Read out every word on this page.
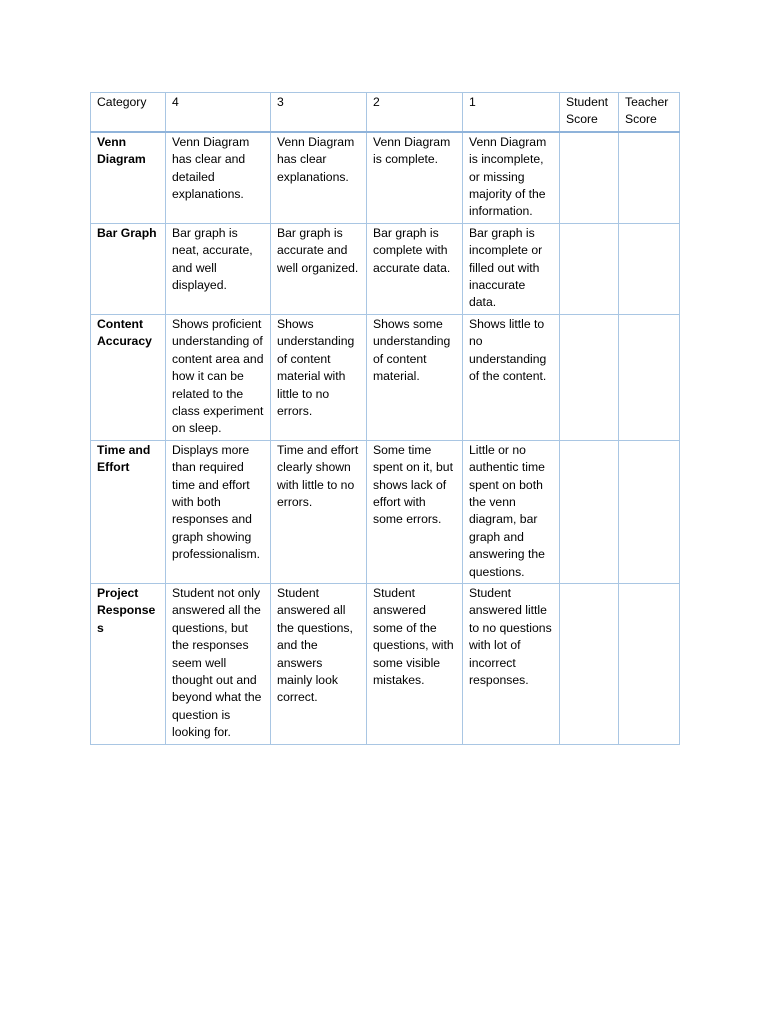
Category	4	3	2	1	Student Score	Teacher Score
Venn Diagram	Venn Diagram has clear and detailed explanations.	Venn Diagram has clear explanations.	Venn Diagram is complete.	Venn Diagram is incomplete, or missing majority of the information.		
Bar Graph	Bar graph is neat, accurate, and well displayed.	Bar graph is accurate and well organized.	Bar graph is complete with accurate data.	Bar graph is incomplete or filled out with inaccurate data.		
Content Accuracy	Shows proficient understanding of content area and how it can be related to the class experiment on sleep.	Shows understanding of content material with little to no errors.	Shows some understanding of content material.	Shows little to no understanding of the content.		
Time and Effort	Displays more than required time and effort with both responses and graph showing professionalism.	Time and effort clearly shown with little to no errors.	Some time spent on it, but shows lack of effort with some errors.	Little or no authentic time spent on both the venn diagram, bar graph and answering the questions.		
Project Responses	Student not only answered all the questions, but the responses seem well thought out and beyond what the question is looking for.	Student answered all the questions, and the answers mainly look correct.	Student answered some of the questions, with some visible mistakes.	Student answered little to no questions with lot of incorrect responses.		
